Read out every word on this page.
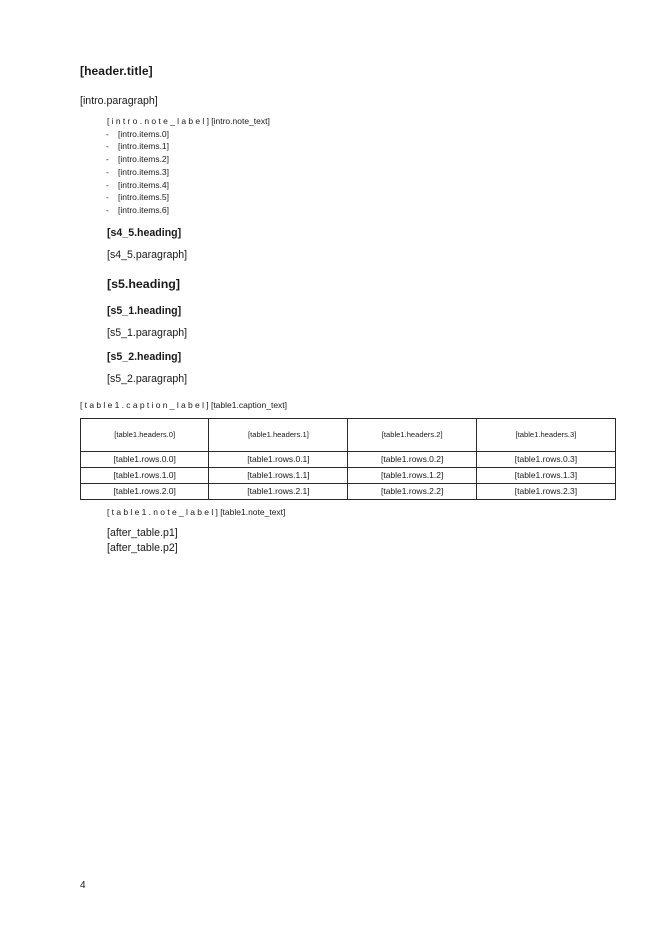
[header.title]

[intro.paragraph]

[intro.note_label][intro.note_text]
- [intro.items.0]
- [intro.items.1]
- [intro.items.2]
- [intro.items.3]
- [intro.items.4]
- [intro.items.5]
- [intro.items.6]
[s4_5.heading]

[s4_5.paragraph]

[s5.heading]
[s5_1.heading]

[s5_1.paragraph]

[s5_2.heading]

[s5_2.paragraph]

[table1.caption_label][table1.caption_text]
[table1.headers.0]	[table1.headers.1]	[table1.headers.2]	[table1.headers.3]
[table1.rows.0.0]	[table1.rows.0.1]	[table1.rows.0.2]	[table1.rows.0.3]
[table1.rows.1.0]	[table1.rows.1.1]	[table1.rows.1.2]	[table1.rows.1.3]
[table1.rows.2.0]	[table1.rows.2.1]	[table1.rows.2.2]	[table1.rows.2.3]
[table1.note_label][table1.note_text]

[after_table.p1]

[after_table.p2]

4
